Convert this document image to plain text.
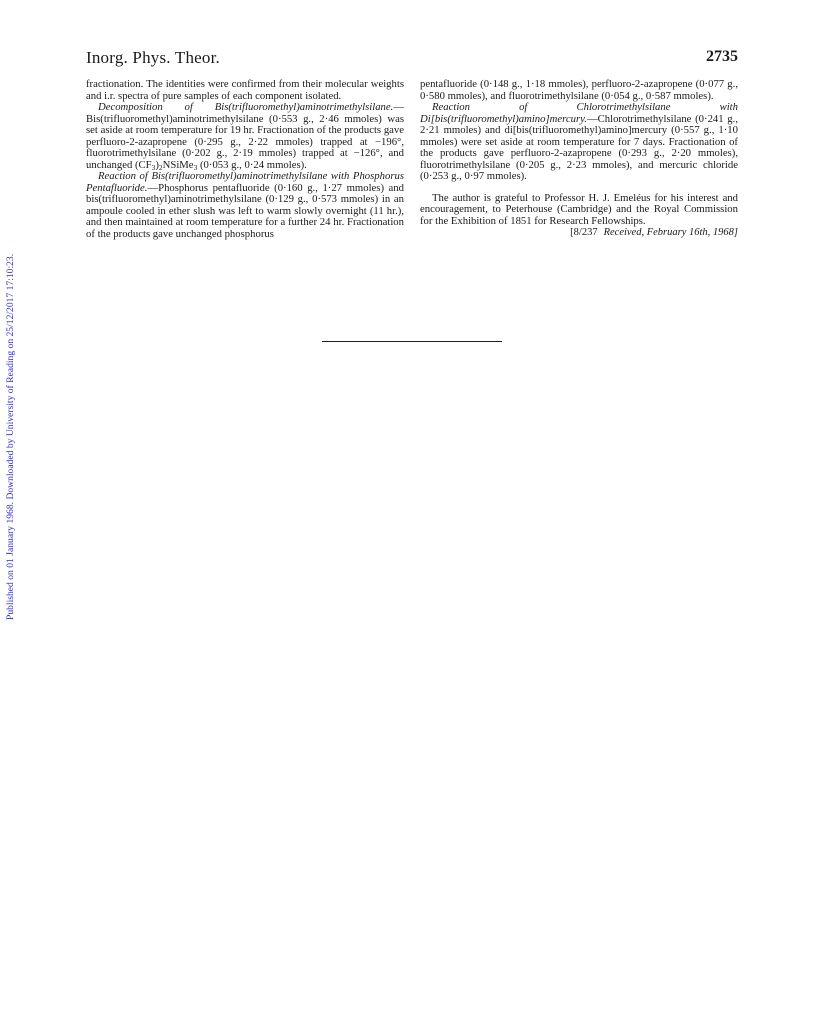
Published on 01 January 1968. Downloaded by University of Reading on 25/12/2017 17:10:23.
Inorg. Phys. Theor.	2735

fractionation. The identities were confirmed from their molecular weights and i.r. spectra of pure samples of each component isolated.

Decomposition of Bis(trifluoromethyl)aminotrimethylsilane.—Bis(trifluoromethyl)aminotrimethylsilane (0·553 g., 2·46 mmoles) was set aside at room temperature for 19 hr. Fractionation of the products gave perfluoro-2-azapropene (0·295 g., 2·22 mmoles) trapped at −196°, fluorotrimethylsilane (0·202 g., 2·19 mmoles) trapped at −126°, and unchanged $(CF_3)_2NSiMe_3$ (0·053 g., 0·24 mmoles).

Reaction of Bis(trifluoromethyl)aminotrimethylsilane with Phosphorus Pentafluoride.—Phosphorus pentafluoride (0·160 g., 1·27 mmoles) and bis(trifluoromethyl)aminotrimethylsilane (0·129 g., 0·573 mmoles) in an ampoule cooled in ether slush was left to warm slowly overnight (11 hr.), and then maintained at room temperature for a further 24 hr. Fractionation of the products gave unchanged phosphorus

pentafluoride (0·148 g., 1·18 mmoles), perfluoro-2-azapropene (0·077 g., 0·580 mmoles), and fluorotrimethylsilane (0·054 g., 0·587 mmoles).

Reaction of Chlorotrimethylsilane with Di[bis(trifluoromethyl)amino]mercury.—Chlorotrimethylsilane (0·241 g., 2·21 mmoles) and di[bis(trifluoromethyl)amino]mercury (0·557 g., 1·10 mmoles) were set aside at room temperature for 7 days. Fractionation of the products gave perfluoro-2-azapropene (0·293 g., 2·20 mmoles), fluorotrimethylsilane (0·205 g., 2·23 mmoles), and mercuric chloride (0·253 g., 0·97 mmoles).

The author is grateful to Professor H. J. Emeléus for his interest and encouragement, to Peterhouse (Cambridge) and the Royal Commission for the Exhibition of 1851 for Research Fellowships.

[8/237 Received, February 16th, 1968]
